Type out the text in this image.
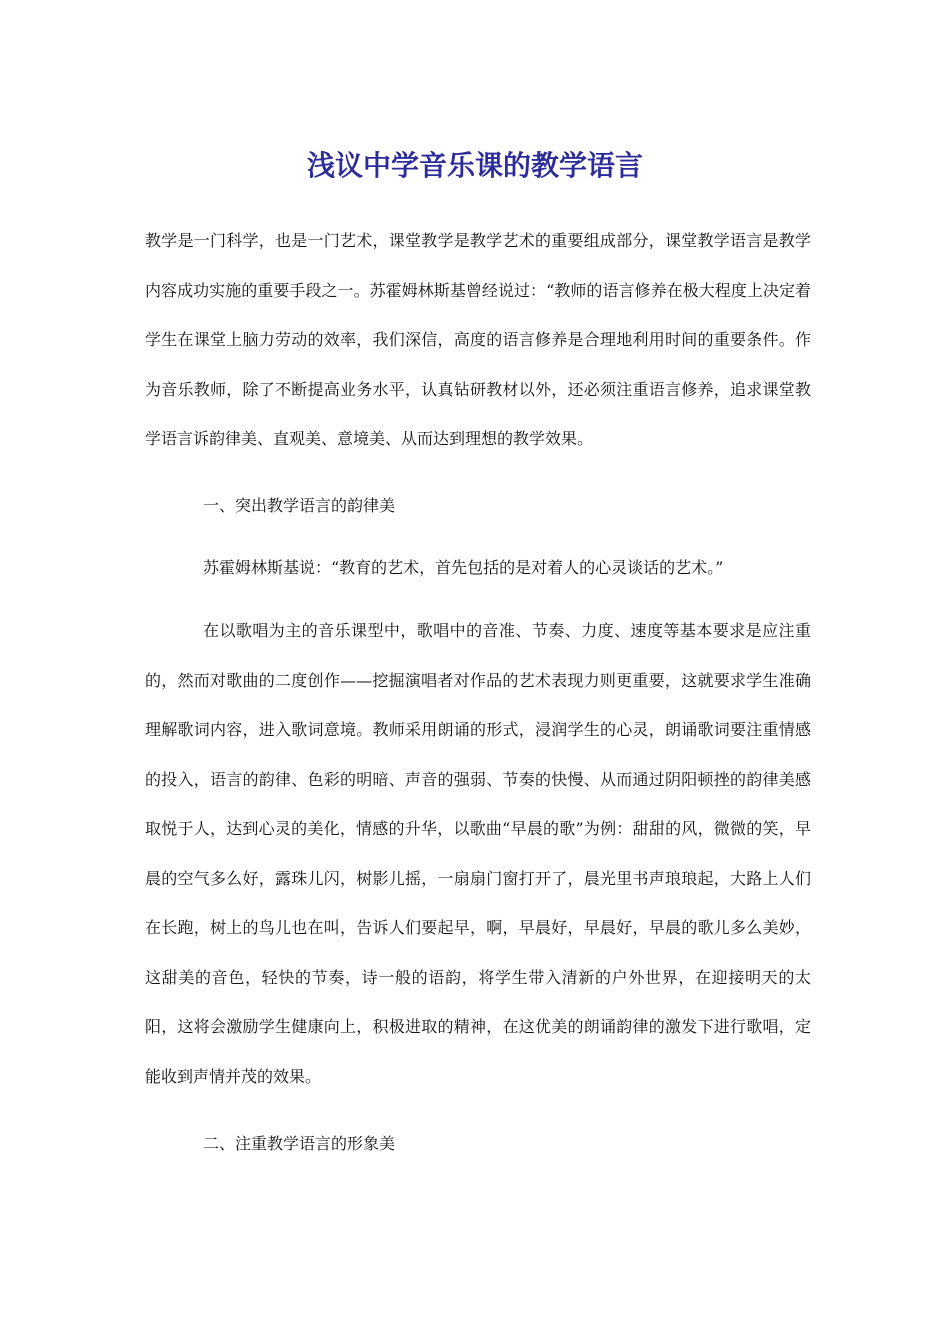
浅议中学音乐课的教学语言

教学是一门科学，也是一门艺术，课堂教学是教学艺术的重要组成部分，课堂教学语言是教学内容成功实施的重要手段之一。苏霍姆林斯基曾经说过：“教师的语言修养在极大程度上决定着学生在课堂上脑力劳动的效率，我们深信，高度的语言修养是合理地利用时间的重要条件。作为音乐教师，除了不断提高业务水平，认真钻研教材以外，还必须注重语言修养，追求课堂教学语言诉韵律美、直观美、意境美、从而达到理想的教学效果。

一、突出教学语言的韵律美

苏霍姆林斯基说：“教育的艺术，首先包括的是对着人的心灵谈话的艺术。”

在以歌唱为主的音乐课型中，歌唱中的音准、节奏、力度、速度等基本要求是应注重的，然而对歌曲的二度创作——挖掘演唱者对作品的艺术表现力则更重要，这就要求学生准确理解歌词内容，进入歌词意境。教师采用朗诵的形式，浸润学生的心灵，朗诵歌词要注重情感的投入，语言的韵律、色彩的明暗、声音的强弱、节奏的快慢、从而通过阴阳顿挫的韵律美感取悦于人，达到心灵的美化，情感的升华，以歌曲“早晨的歌”为例：甜甜的风，微微的笑，早晨的空气多么好，露珠儿闪，树影儿摇，一扇扇门窗打开了，晨光里书声琅琅起，大路上人们在长跑，树上的鸟儿也在叫，告诉人们要起早，啊，早晨好，早晨好，早晨的歌儿多么美妙，这甜美的音色，轻快的节奏，诗一般的语韵，将学生带入清新的户外世界，在迎接明天的太阳，这将会激励学生健康向上，积极进取的精神，在这优美的朗诵韵律的激发下进行歌唱，定能收到声情并茂的效果。

二、注重教学语言的形象美
